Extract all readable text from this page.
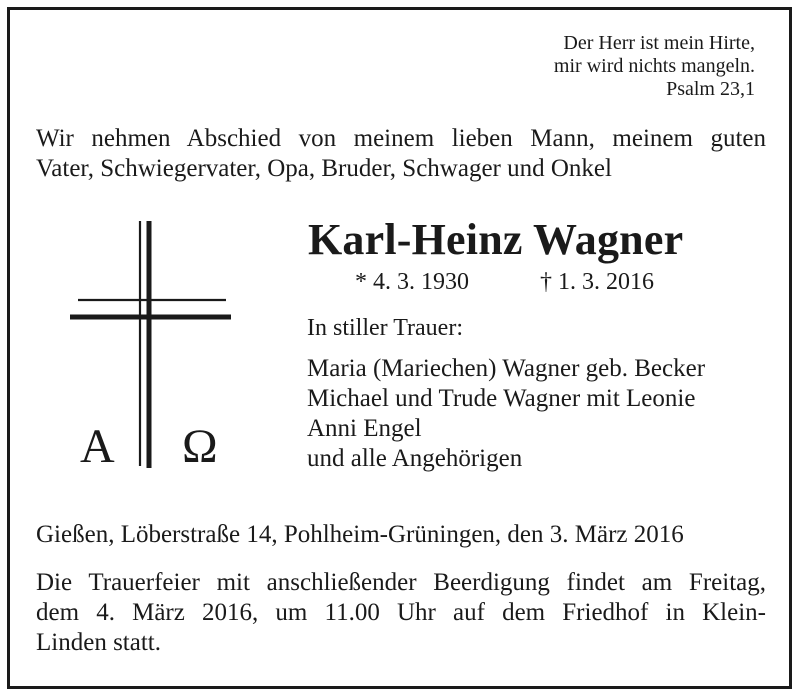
Der Herr ist mein Hirte,
mir wird nichts mangeln.
Psalm 23,1
Wir nehmen Abschied von meinem lieben Mann, meinem guten
Vater, Schwiegervater, Opa, Bruder, Schwager und Onkel
A Ω
Karl-Heinz Wagner
* 4. 3. 1930	† 1. 3. 2016
In stiller Trauer:
Maria (Mariechen) Wagner geb. Becker
Michael und Trude Wagner mit Leonie
Anni Engel
und alle Angehörigen
Gießen, Löberstraße 14, Pohlheim-Grüningen, den 3. März 2016
Die Trauerfeier mit anschließender Beerdigung findet am Freitag,
dem 4. März 2016, um 11.00 Uhr auf dem Friedhof in Klein-
Linden statt.
